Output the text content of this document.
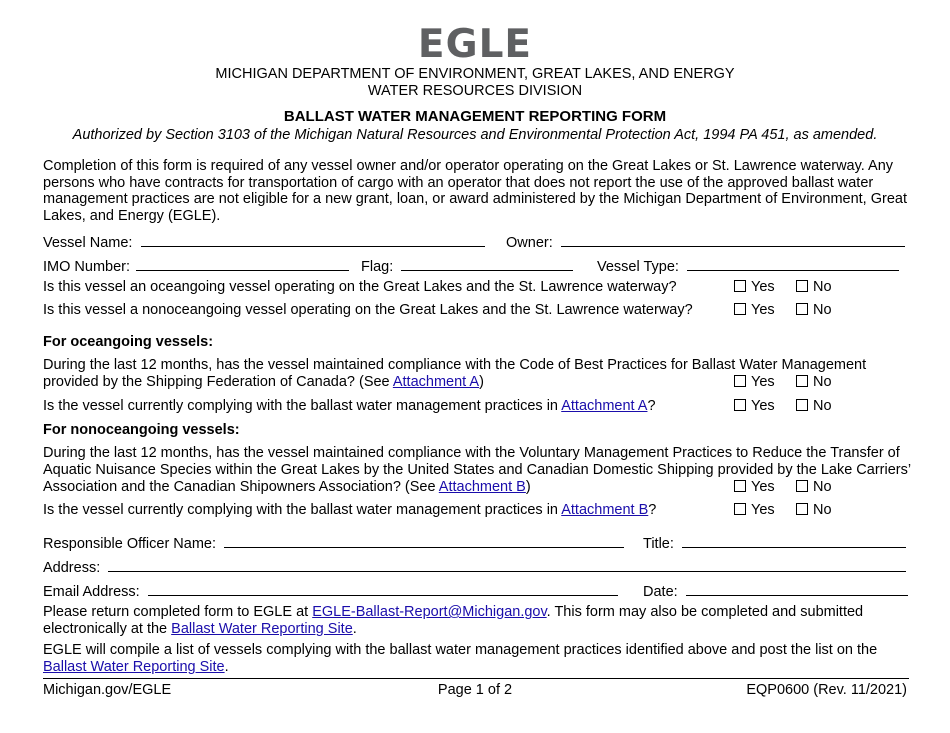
EGLE
MICHIGAN DEPARTMENT OF ENVIRONMENT, GREAT LAKES, AND ENERGY
WATER RESOURCES DIVISION
BALLAST WATER MANAGEMENT REPORTING FORM
Authorized by Section 3103 of the Michigan Natural Resources and Environmental Protection Act, 1994 PA 451, as amended.
Completion of this form is required of any vessel owner and/or operator operating on the Great Lakes or St. Lawrence waterway. Any persons who have contracts for transportation of cargo with an operator that does not report the use of the approved ballast water management practices are not eligible for a new grant, loan, or award administered by the Michigan Department of Environment, Great Lakes, and Energy (EGLE).
Vessel Name:	Owner:
IMO Number:	Flag:	Vessel Type:
Is this vessel an oceangoing vessel operating on the Great Lakes and the St. Lawrence waterway?	Yes	No
Is this vessel a nonoceangoing vessel operating on the Great Lakes and the St. Lawrence waterway?	Yes	No
For oceangoing vessels:
During the last 12 months, has the vessel maintained compliance with the Code of Best Practices for Ballast Water Management
provided by the Shipping Federation of Canada? (See Attachment A)	Yes	No
Is the vessel currently complying with the ballast water management practices in Attachment A?	Yes	No
For nonoceangoing vessels:
During the last 12 months, has the vessel maintained compliance with the Voluntary Management Practices to Reduce the Transfer of
Aquatic Nuisance Species within the Great Lakes by the United States and Canadian Domestic Shipping provided by the Lake Carriers’
Association and the Canadian Shipowners Association? (See Attachment B)	Yes	No
Is the vessel currently complying with the ballast water management practices in Attachment B?	Yes	No
Responsible Officer Name:	Title:
Address:
Email Address:	Date:
Please return completed form to EGLE at EGLE-Ballast-Report@Michigan.gov. This form may also be completed and submitted
electronically at the Ballast Water Reporting Site.
EGLE will compile a list of vessels complying with the ballast water management practices identified above and post the list on the
Ballast Water Reporting Site.
Michigan.gov/EGLE	Page 1 of 2	EQP0600 (Rev. 11/2021)
